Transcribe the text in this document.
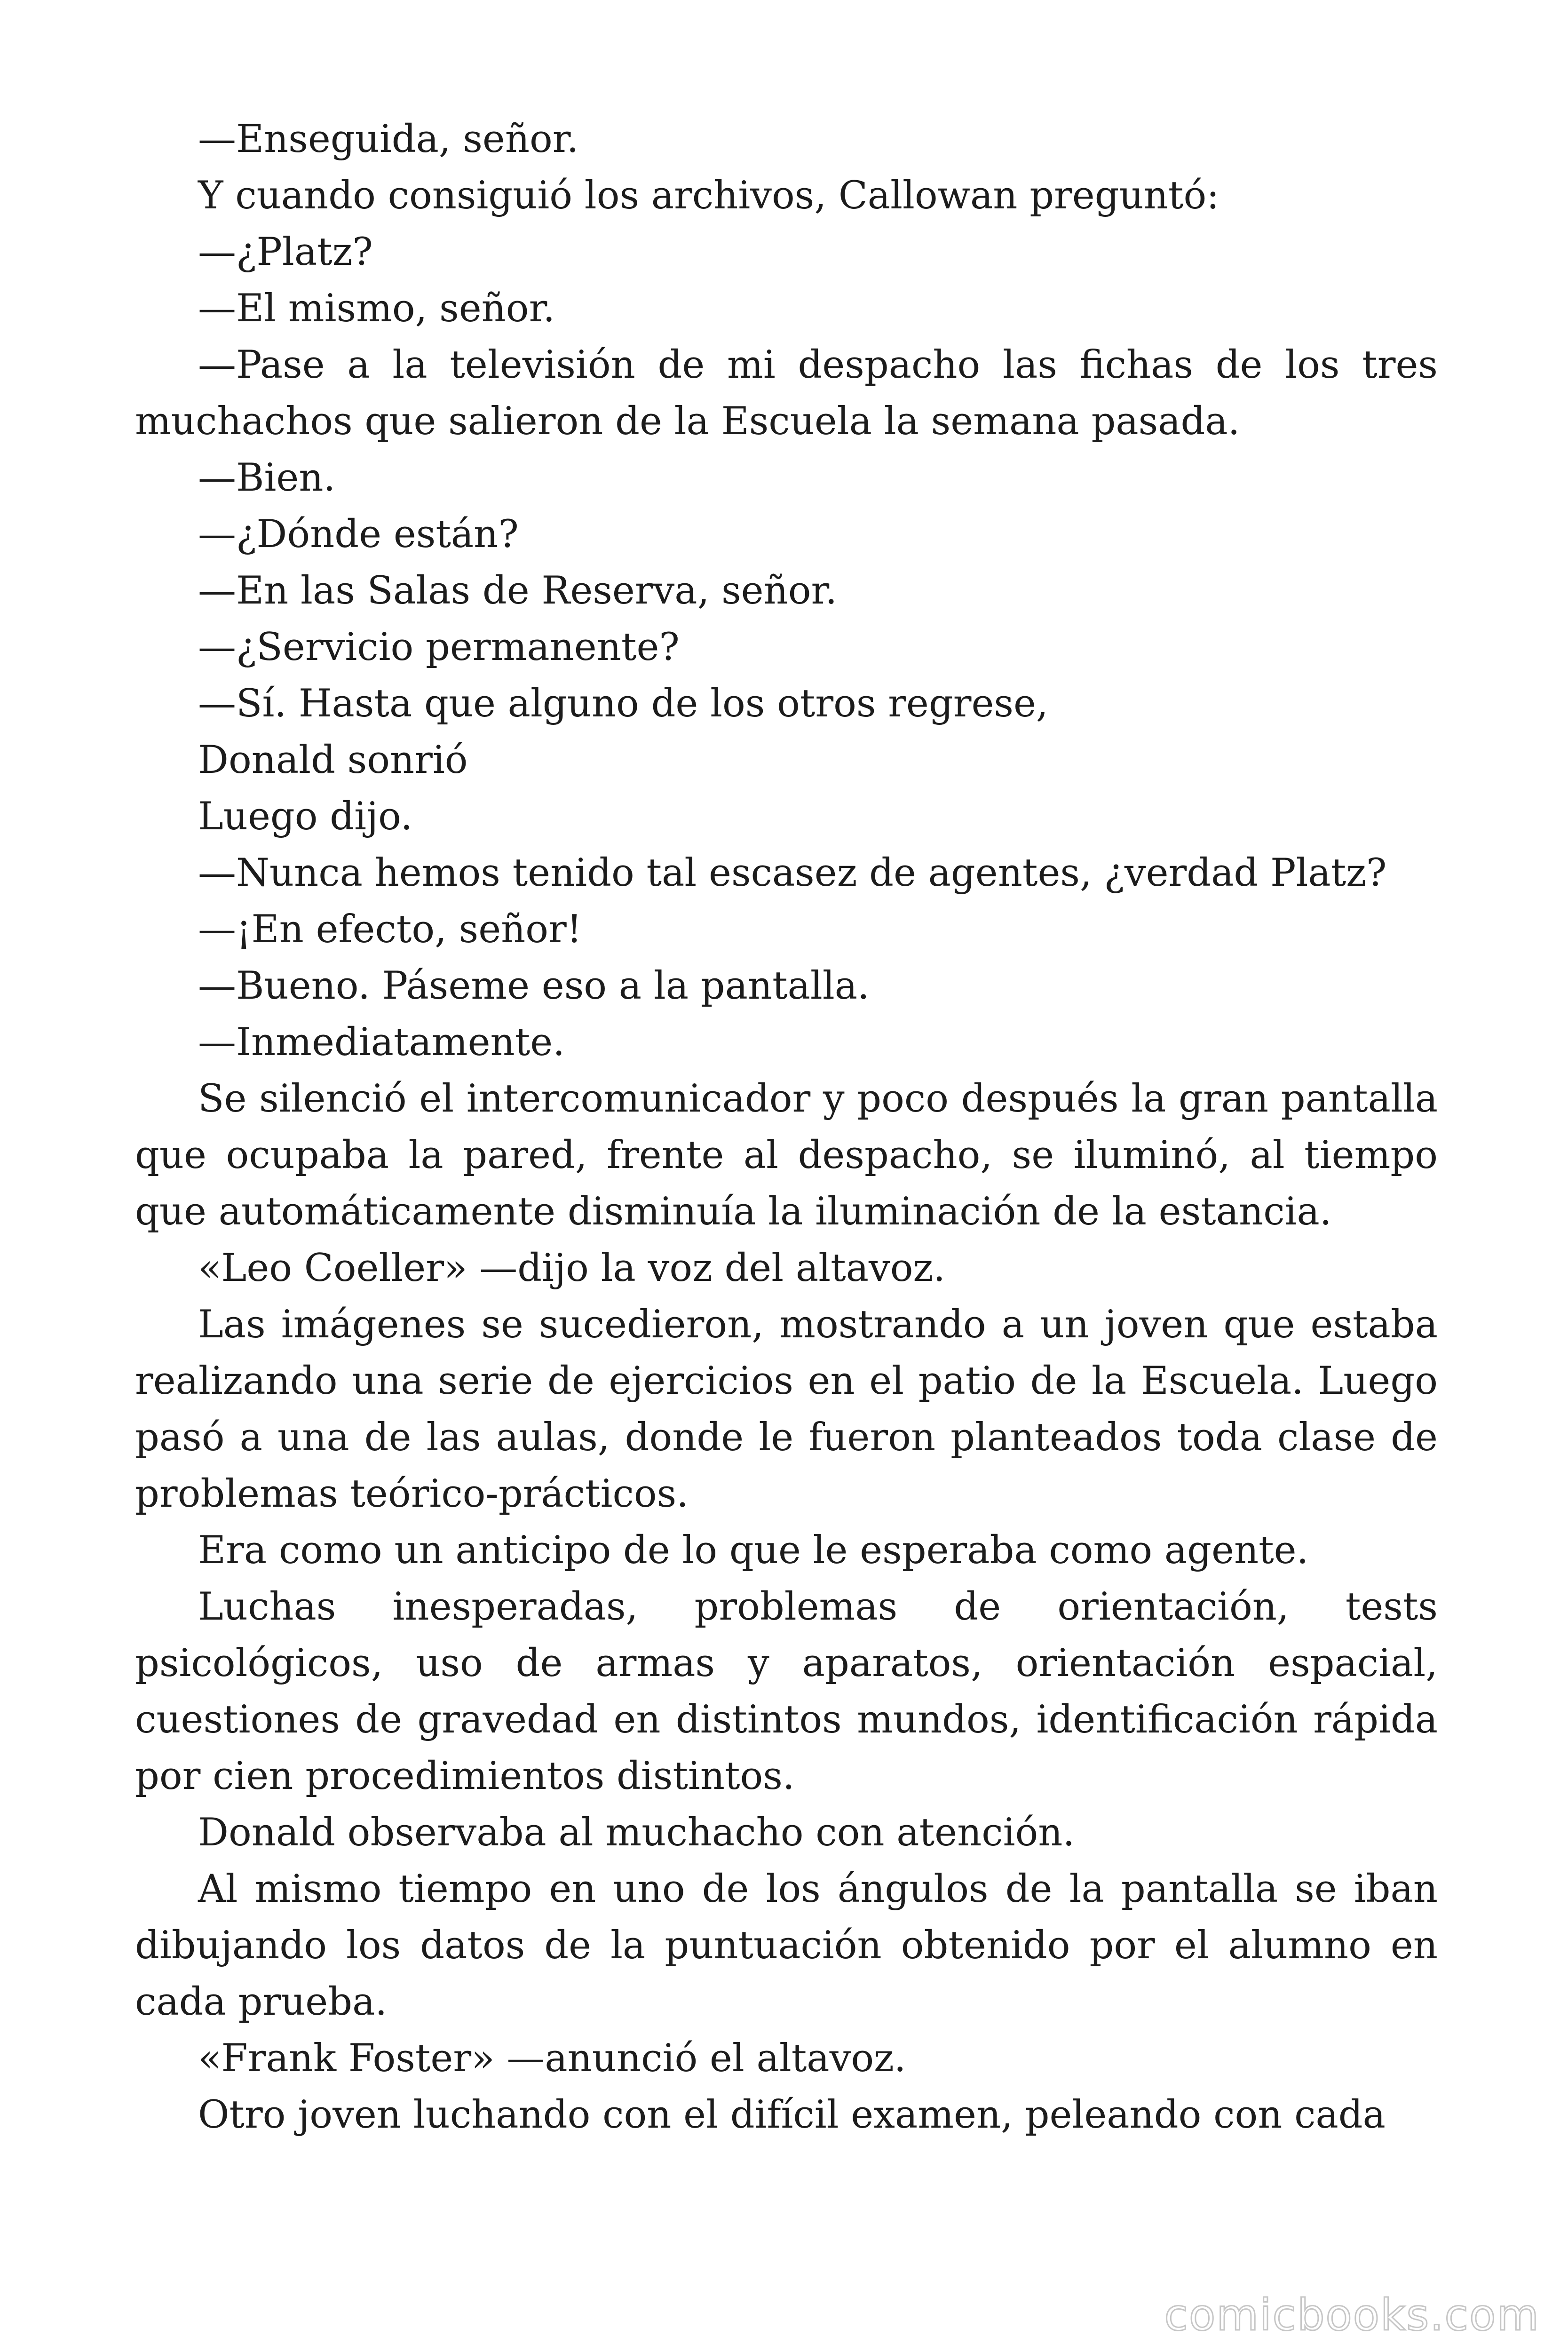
—Enseguida, señor.

Y cuando consiguió los archivos, Callowan preguntó:

—¿Platz?

—El mismo, señor.

—Pase a la televisión de mi despacho las fichas de los tres muchachos que salieron de la Escuela la semana pasada.

—Bien.

—¿Dónde están?

—En las Salas de Reserva, señor.

—¿Servicio permanente?

—Sí. Hasta que alguno de los otros regrese,

Donald sonrió

Luego dijo.

—Nunca hemos tenido tal escasez de agentes, ¿verdad Platz?

—¡En efecto, señor!

—Bueno. Páseme eso a la pantalla.

—Inmediatamente.

Se silenció el intercomunicador y poco después la gran pantalla que ocupaba la pared, frente al despacho, se iluminó, al tiempo que automáticamente disminuía la iluminación de la estancia.

«Leo Coeller» —dijo la voz del altavoz.

Las imágenes se sucedieron, mostrando a un joven que estaba realizando una serie de ejercicios en el patio de la Escuela. Luego pasó a una de las aulas, donde le fueron planteados toda clase de problemas teórico-prácticos.

Era como un anticipo de lo que le esperaba como agente.

Luchas inesperadas, problemas de orientación, tests psicológicos, uso de armas y aparatos, orientación espacial, cuestiones de gravedad en distintos mundos, identificación rápida por cien procedimientos distintos.

Donald observaba al muchacho con atención.

Al mismo tiempo en uno de los ángulos de la pantalla se iban dibujando los datos de la puntuación obtenido por el alumno en cada prueba.

«Frank Foster» —anunció el altavoz.

Otro joven luchando con el difícil examen, peleando con cada

comicbooks.com
